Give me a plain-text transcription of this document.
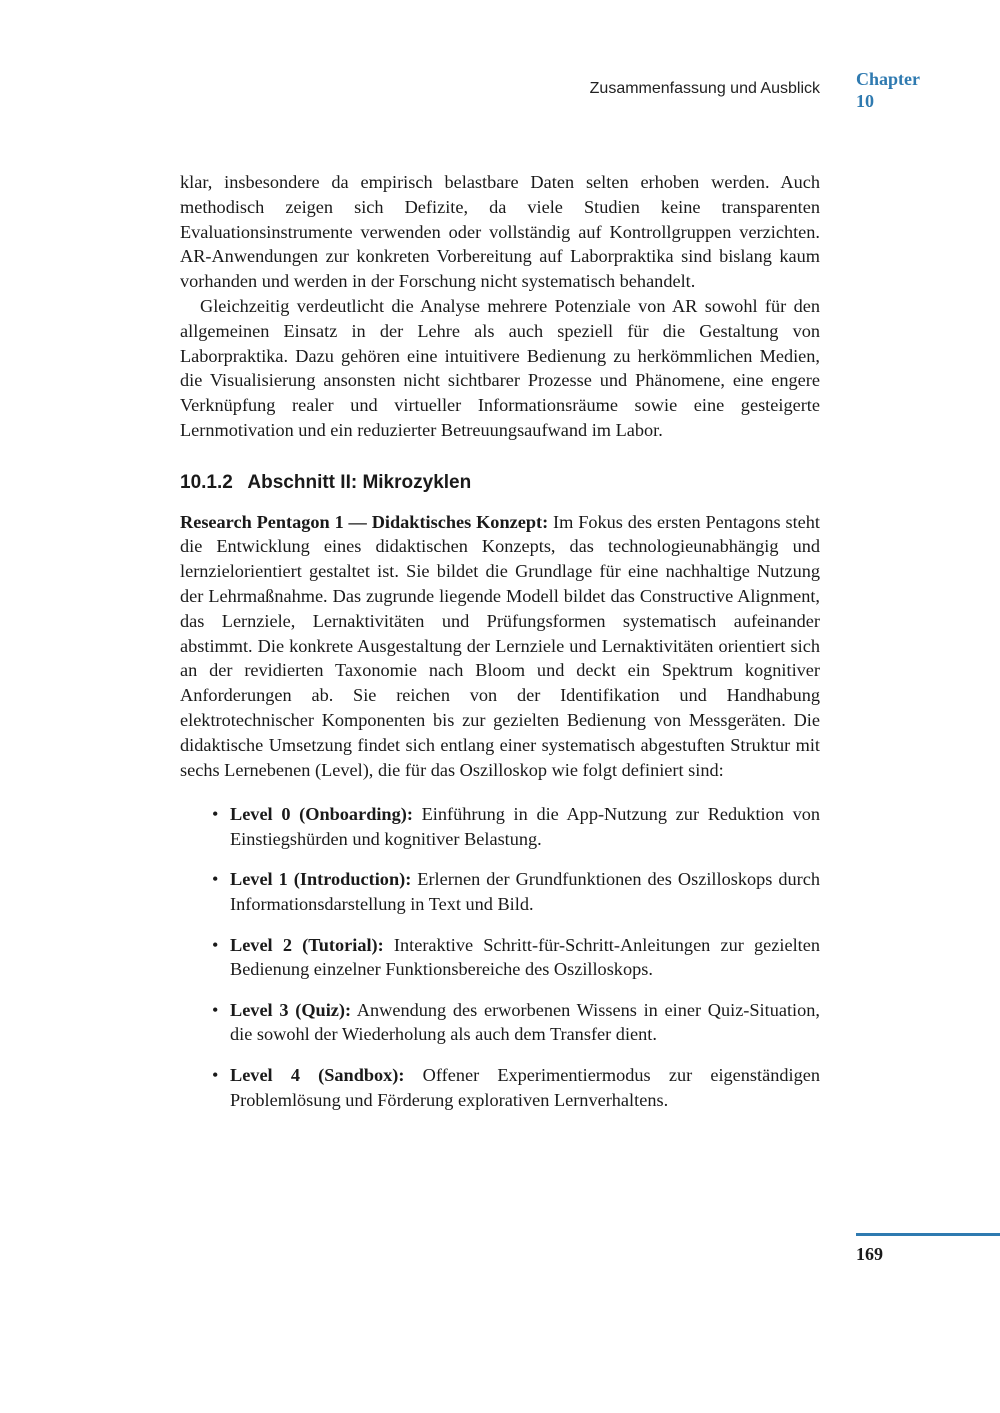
Zusammenfassung und Ausblick Chapter
10

klar, insbesondere da empirisch belastbare Daten selten erhoben werden. Auch methodisch zeigen sich Defizite, da viele Studien keine transparenten Evaluationsinstrumente verwenden oder vollständig auf Kontrollgruppen verzichten. AR-Anwendungen zur konkreten Vorbereitung auf Laborpraktika sind bislang kaum vorhanden und werden in der Forschung nicht systematisch behandelt.

Gleichzeitig verdeutlicht die Analyse mehrere Potenziale von AR sowohl für den allgemeinen Einsatz in der Lehre als auch speziell für die Gestaltung von Laborpraktika. Dazu gehören eine intuitivere Bedienung zu herkömmlichen Medien, die Visualisierung ansonsten nicht sichtbarer Prozesse und Phänomene, eine engere Verknüpfung realer und virtueller Informationsräume sowie eine gesteigerte Lernmotivation und ein reduzierter Betreuungsaufwand im Labor.

10.1.2 Abschnitt II: Mikrozyklen

Research Pentagon 1 — Didaktisches Konzept: Im Fokus des ersten Pentagons steht die Entwicklung eines didaktischen Konzepts, das technologieunabhängig und lernzielorientiert gestaltet ist. Sie bildet die Grundlage für eine nachhaltige Nutzung der Lehrmaßnahme. Das zugrunde liegende Modell bildet das Constructive Alignment, das Lernziele, Lernaktivitäten und Prüfungsformen systematisch aufeinander abstimmt. Die konkrete Ausgestaltung der Lernziele und Lernaktivitäten orientiert sich an der revidierten Taxonomie nach Bloom und deckt ein Spektrum kognitiver Anforderungen ab. Sie reichen von der Identifikation und Handhabung elektrotechnischer Komponenten bis zur gezielten Bedienung von Messgeräten. Die didaktische Umsetzung findet sich entlang einer systematisch abgestuften Struktur mit sechs Lernebenen (Level), die für das Oszilloskop wie folgt definiert sind:

• Level 0 (Onboarding): Einführung in die App-Nutzung zur Reduktion von Einstiegshürden und kognitiver Belastung.
• Level 1 (Introduction): Erlernen der Grundfunktionen des Oszilloskops durch Informationsdarstellung in Text und Bild.
• Level 2 (Tutorial): Interaktive Schritt-für-Schritt-Anleitungen zur gezielten Bedienung einzelner Funktionsbereiche des Oszilloskops.
• Level 3 (Quiz): Anwendung des erworbenen Wissens in einer Quiz-Situation, die sowohl der Wiederholung als auch dem Transfer dient.
• Level 4 (Sandbox): Offener Experimentiermodus zur eigenständigen Problemlösung und Förderung explorativen Lernverhaltens.
169
